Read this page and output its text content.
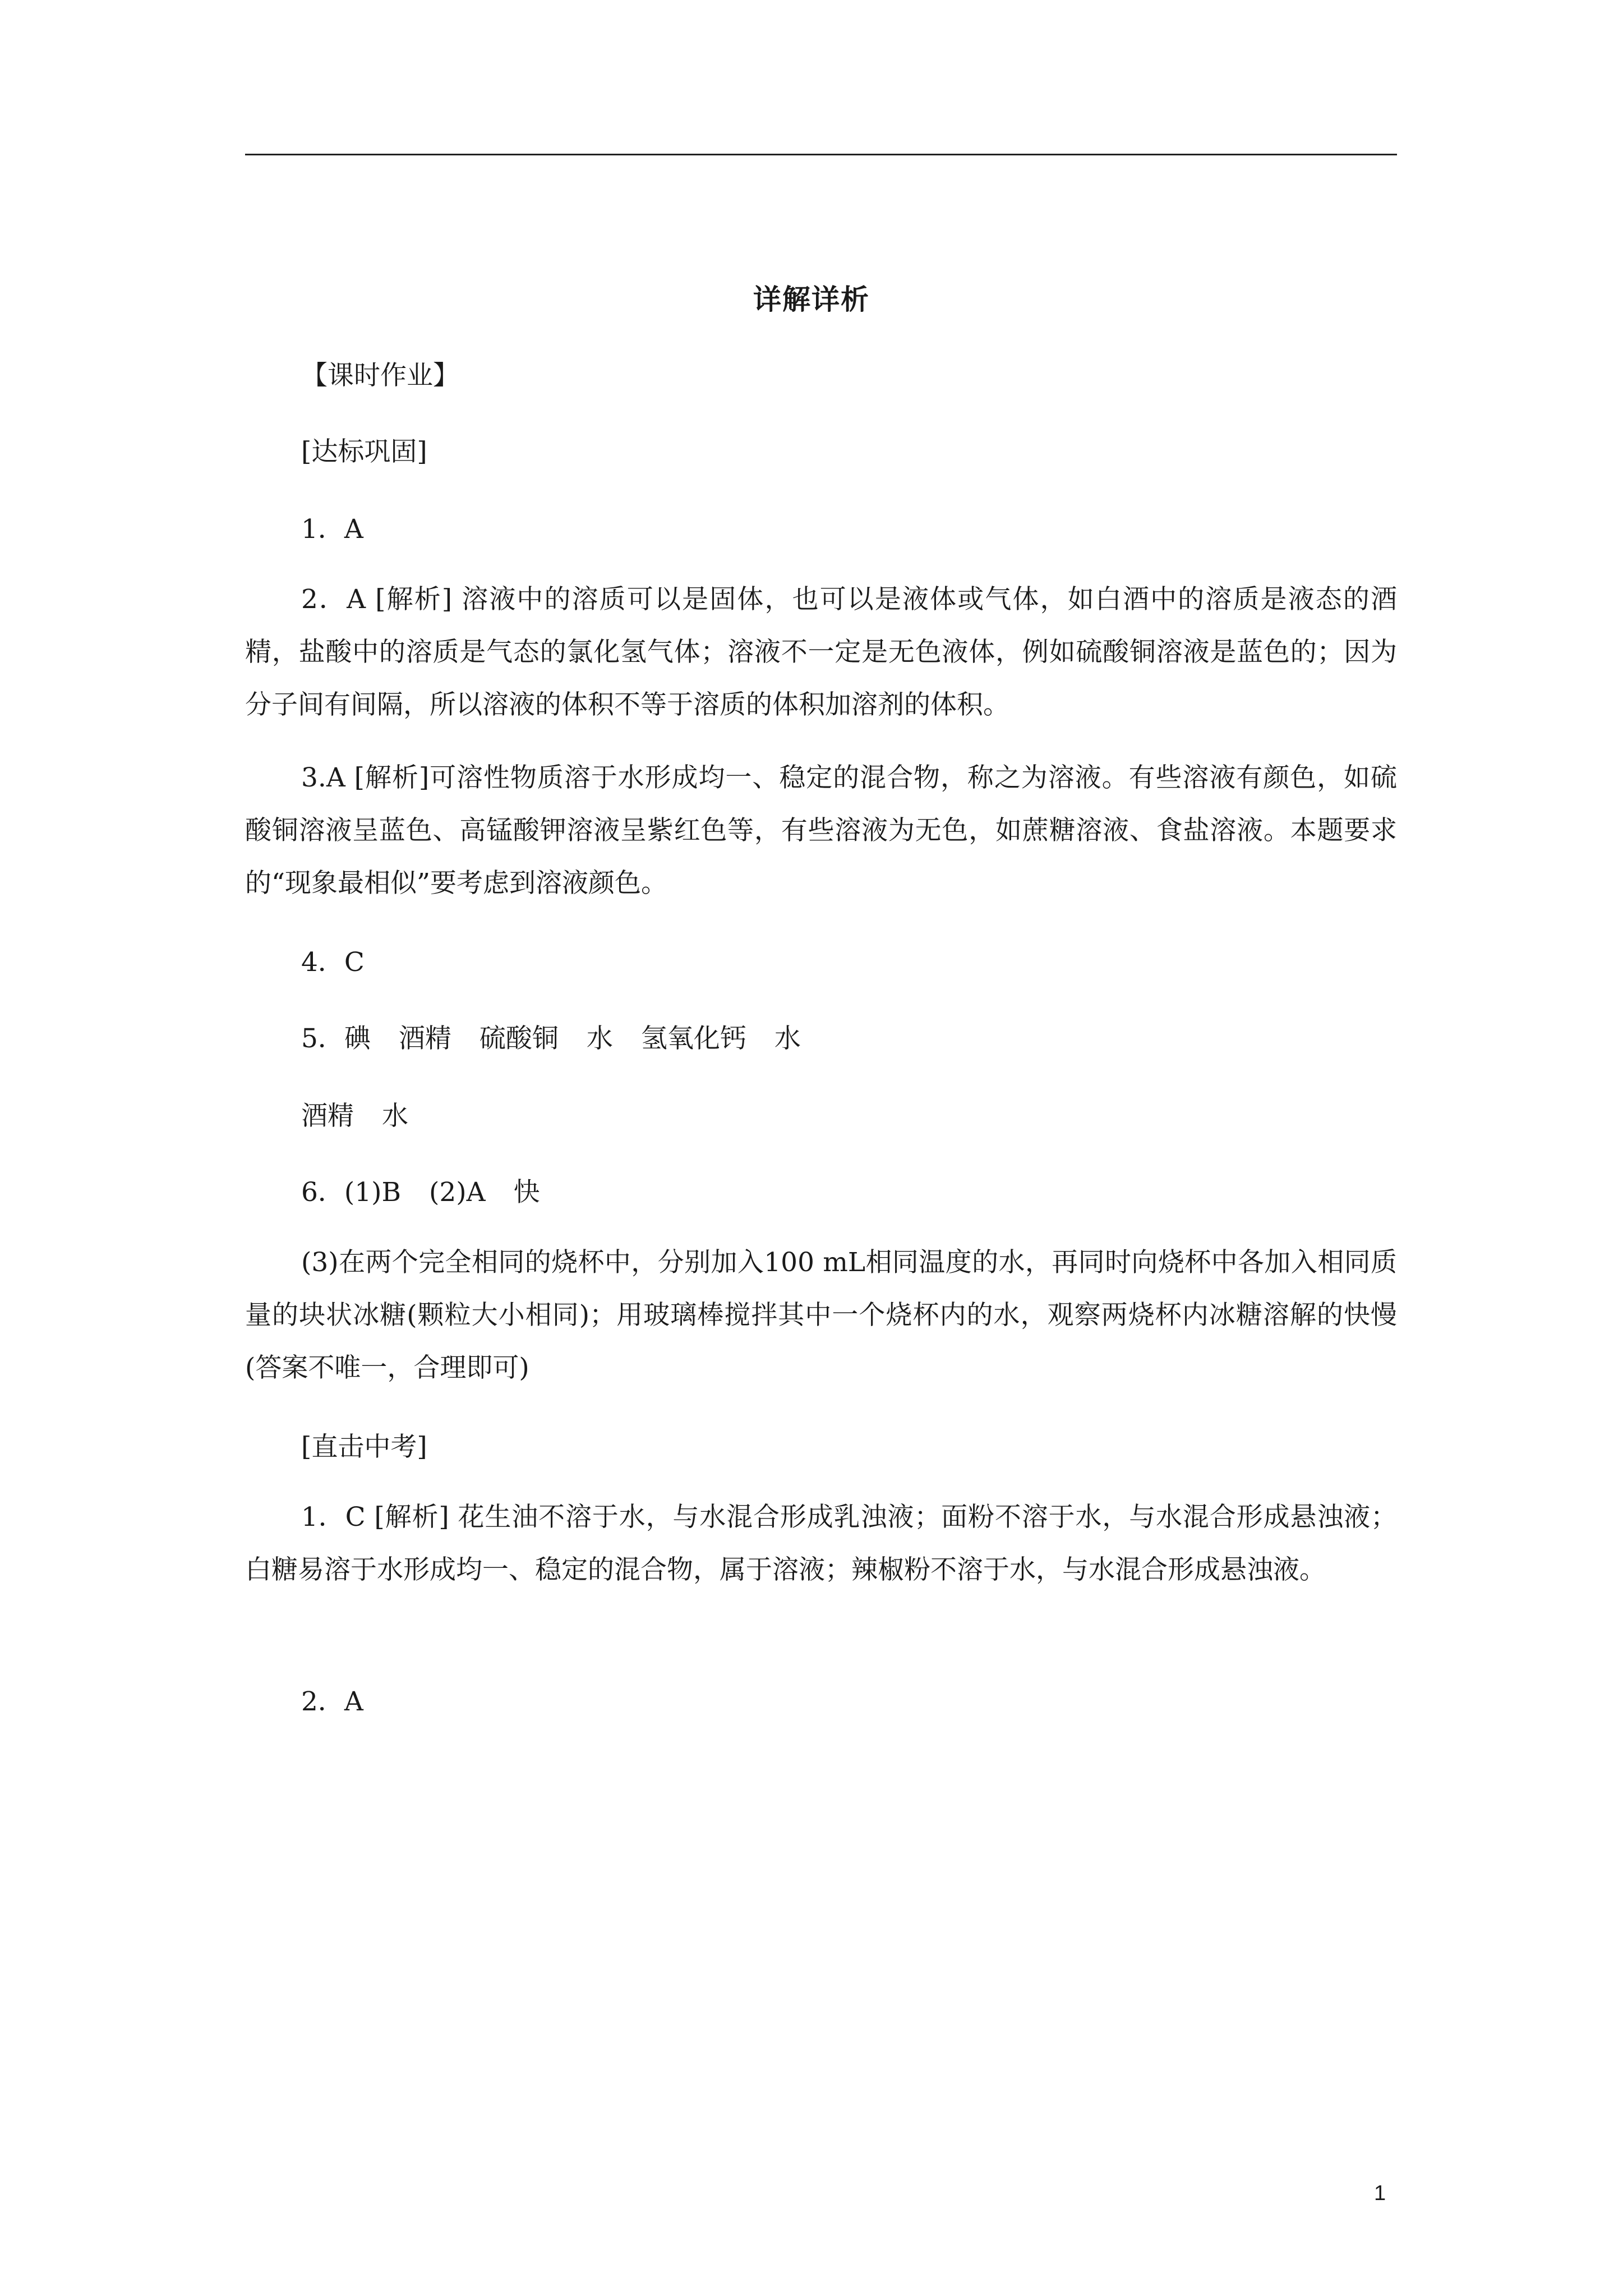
详解详析
【课时作业】
[达标巩固]
1．A
2．A [解析] 溶液中的溶质可以是固体，也可以是液体或气体，如白酒中的溶质是液态的酒精，盐酸中的溶质是气态的氯化氢气体；溶液不一定是无色液体，例如硫酸铜溶液是蓝色的；因为分子间有间隔，所以溶液的体积不等于溶质的体积加溶剂的体积。
3.A [解析]可溶性物质溶于水形成均一、稳定的混合物，称之为溶液。有些溶液有颜色，如硫酸铜溶液呈蓝色、高锰酸钾溶液呈紫红色等，有些溶液为无色，如蔗糖溶液、食盐溶液。本题要求的“现象最相似”要考虑到溶液颜色。
4．C
5．碘 酒精 硫酸铜 水 氢氧化钙 水
酒精 水
6．(1)B (2)A 快
(3)在两个完全相同的烧杯中，分别加入100 mL相同温度的水，再同时向烧杯中各加入相同质量的块状冰糖(颗粒大小相同)；用玻璃棒搅拌其中一个烧杯内的水，观察两烧杯内冰糖溶解的快慢(答案不唯一，合理即可)
[直击中考]
1．C [解析] 花生油不溶于水，与水混合形成乳浊液；面粉不溶于水，与水混合形成悬浊液；白糖易溶于水形成均一、稳定的混合物，属于溶液；辣椒粉不溶于水，与水混合形成悬浊液。
2．A
1
